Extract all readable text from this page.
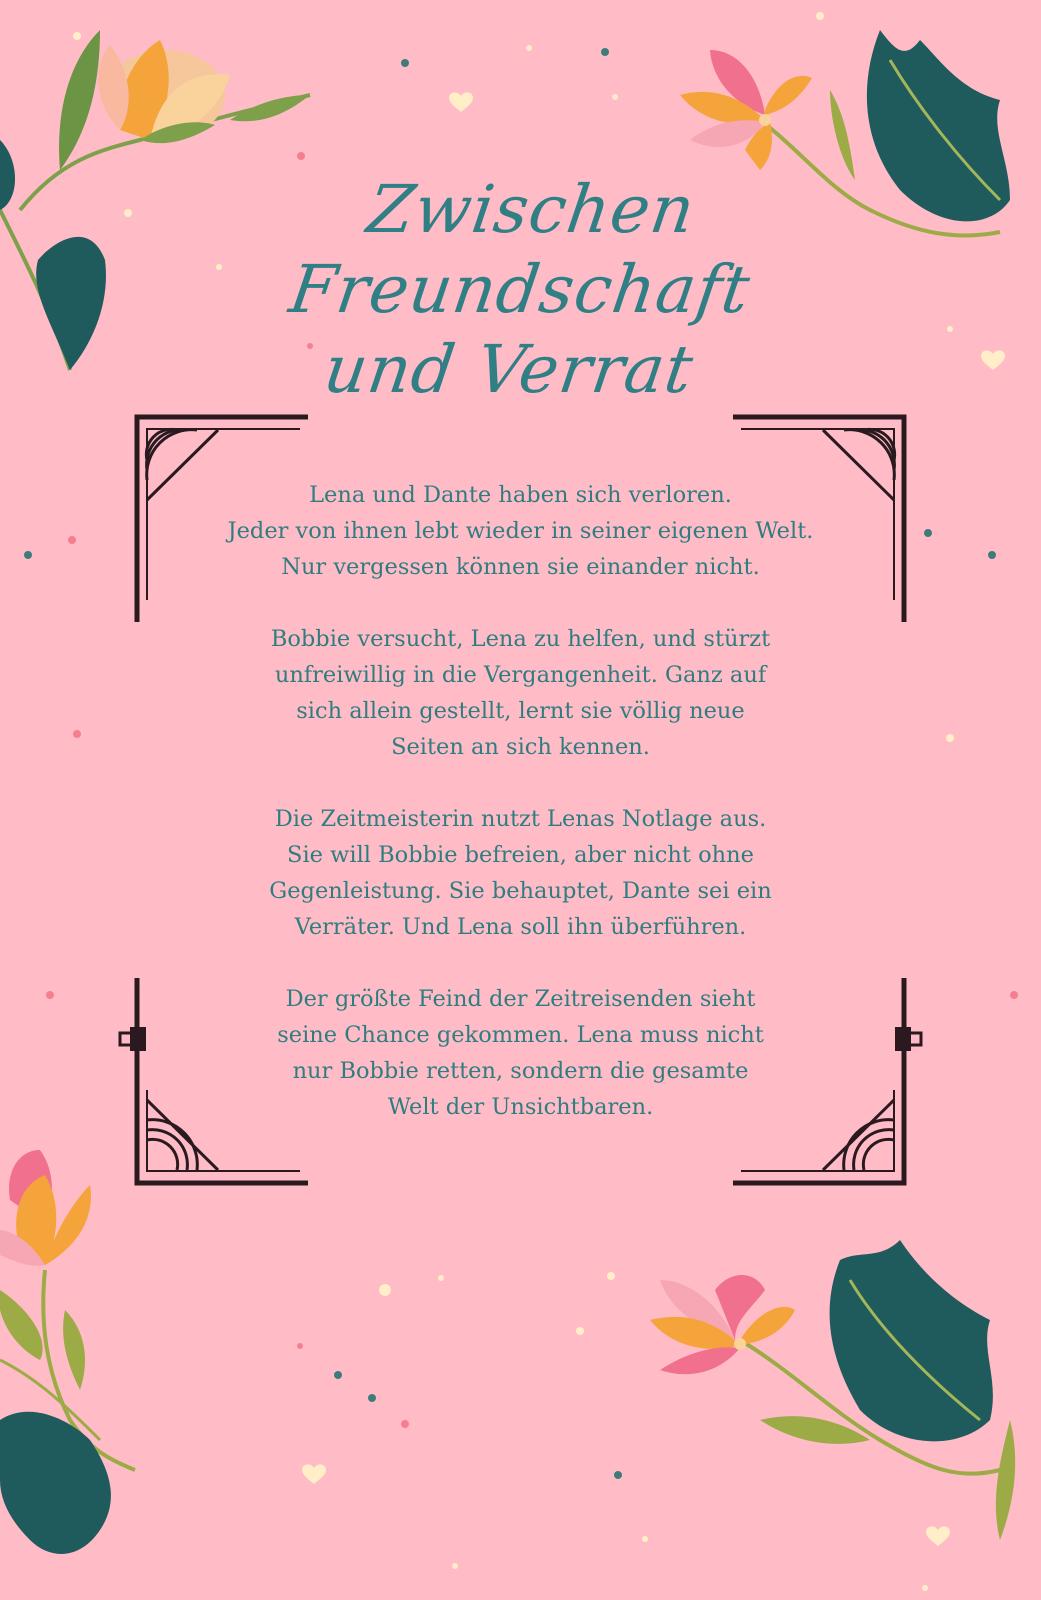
Zwischen
Freundschaft
und Verrat

Lena und Dante haben sich verloren.
Jeder von ihnen lebt wieder in seiner eigenen Welt.
Nur vergessen können sie einander nicht.

Bobbie versucht, Lena zu helfen, und stürzt
unfreiwillig in die Vergangenheit. Ganz auf
sich allein gestellt, lernt sie völlig neue
Seiten an sich kennen.

Die Zeitmeisterin nutzt Lenas Notlage aus.
Sie will Bobbie befreien, aber nicht ohne
Gegenleistung. Sie behauptet, Dante sei ein
Verräter. Und Lena soll ihn überführen.

Der größte Feind der Zeitreisenden sieht
seine Chance gekommen. Lena muss nicht
nur Bobbie retten, sondern die gesamte
Welt der Unsichtbaren.
